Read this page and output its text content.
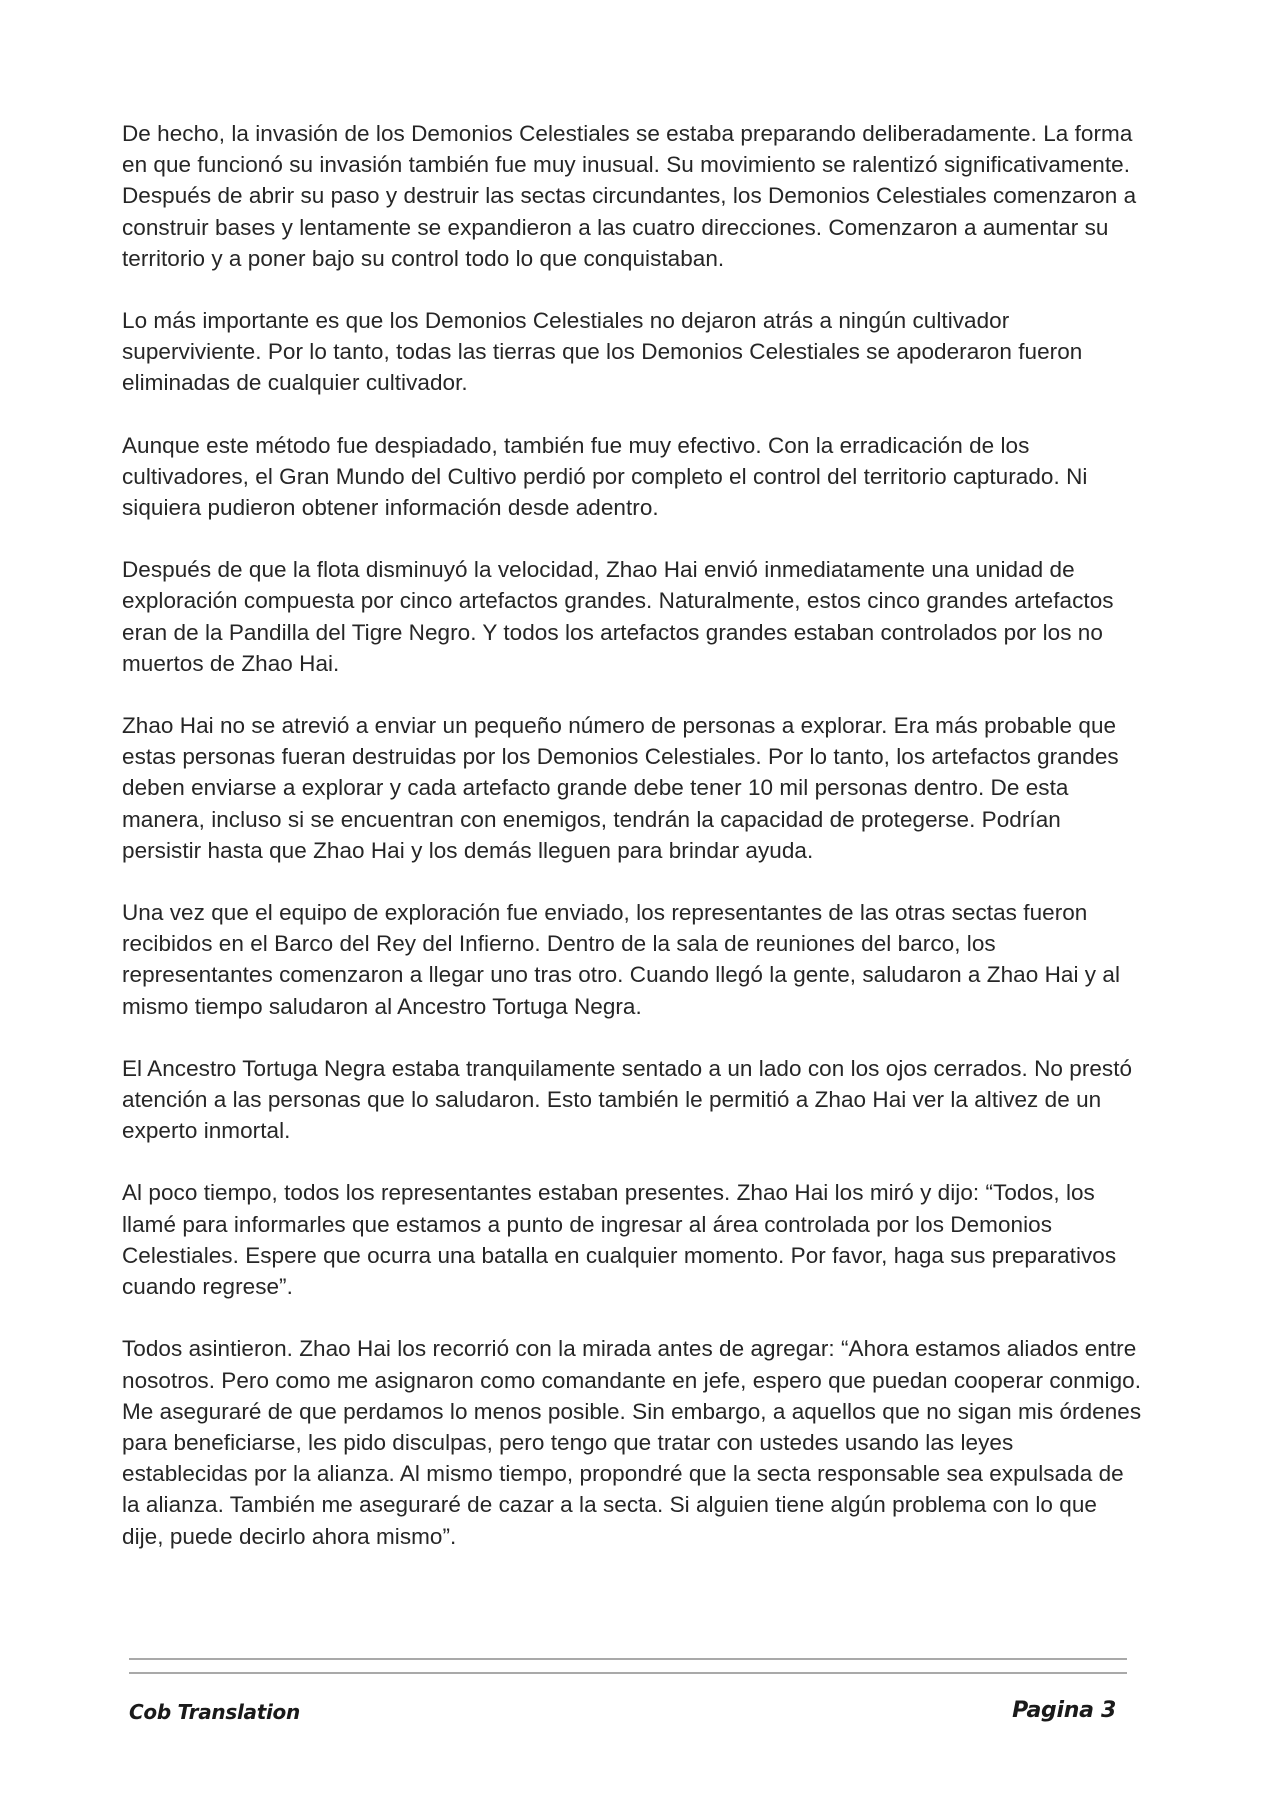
De hecho, la invasión de los Demonios Celestiales se estaba preparando deliberadamente. La forma en que funcionó su invasión también fue muy inusual. Su movimiento se ralentizó significativamente. Después de abrir su paso y destruir las sectas circundantes, los Demonios Celestiales comenzaron a construir bases y lentamente se expandieron a las cuatro direcciones. Comenzaron a aumentar su territorio y a poner bajo su control todo lo que conquistaban.

Lo más importante es que los Demonios Celestiales no dejaron atrás a ningún cultivador superviviente. Por lo tanto, todas las tierras que los Demonios Celestiales se apoderaron fueron eliminadas de cualquier cultivador.

Aunque este método fue despiadado, también fue muy efectivo. Con la erradicación de los cultivadores, el Gran Mundo del Cultivo perdió por completo el control del territorio capturado. Ni siquiera pudieron obtener información desde adentro.

Después de que la flota disminuyó la velocidad, Zhao Hai envió inmediatamente una unidad de exploración compuesta por cinco artefactos grandes. Naturalmente, estos cinco grandes artefactos eran de la Pandilla del Tigre Negro. Y todos los artefactos grandes estaban controlados por los no muertos de Zhao Hai.

Zhao Hai no se atrevió a enviar un pequeño número de personas a explorar. Era más probable que estas personas fueran destruidas por los Demonios Celestiales. Por lo tanto, los artefactos grandes deben enviarse a explorar y cada artefacto grande debe tener 10 mil personas dentro. De esta manera, incluso si se encuentran con enemigos, tendrán la capacidad de protegerse. Podrían persistir hasta que Zhao Hai y los demás lleguen para brindar ayuda.

Una vez que el equipo de exploración fue enviado, los representantes de las otras sectas fueron recibidos en el Barco del Rey del Infierno. Dentro de la sala de reuniones del barco, los representantes comenzaron a llegar uno tras otro. Cuando llegó la gente, saludaron a Zhao Hai y al mismo tiempo saludaron al Ancestro Tortuga Negra.

El Ancestro Tortuga Negra estaba tranquilamente sentado a un lado con los ojos cerrados. No prestó atención a las personas que lo saludaron. Esto también le permitió a Zhao Hai ver la altivez de un experto inmortal.

Al poco tiempo, todos los representantes estaban presentes. Zhao Hai los miró y dijo: “Todos, los llamé para informarles que estamos a punto de ingresar al área controlada por los Demonios Celestiales. Espere que ocurra una batalla en cualquier momento. Por favor, haga sus preparativos cuando regrese”.

Todos asintieron. Zhao Hai los recorrió con la mirada antes de agregar: “Ahora estamos aliados entre nosotros. Pero como me asignaron como comandante en jefe, espero que puedan cooperar conmigo. Me aseguraré de que perdamos lo menos posible. Sin embargo, a aquellos que no sigan mis órdenes para beneficiarse, les pido disculpas, pero tengo que tratar con ustedes usando las leyes establecidas por la alianza. Al mismo tiempo, propondré que la secta responsable sea expulsada de la alianza. También me aseguraré de cazar a la secta. Si alguien tiene algún problema con lo que dije, puede decirlo ahora mismo”.

Cob Translation	Pagina 3
